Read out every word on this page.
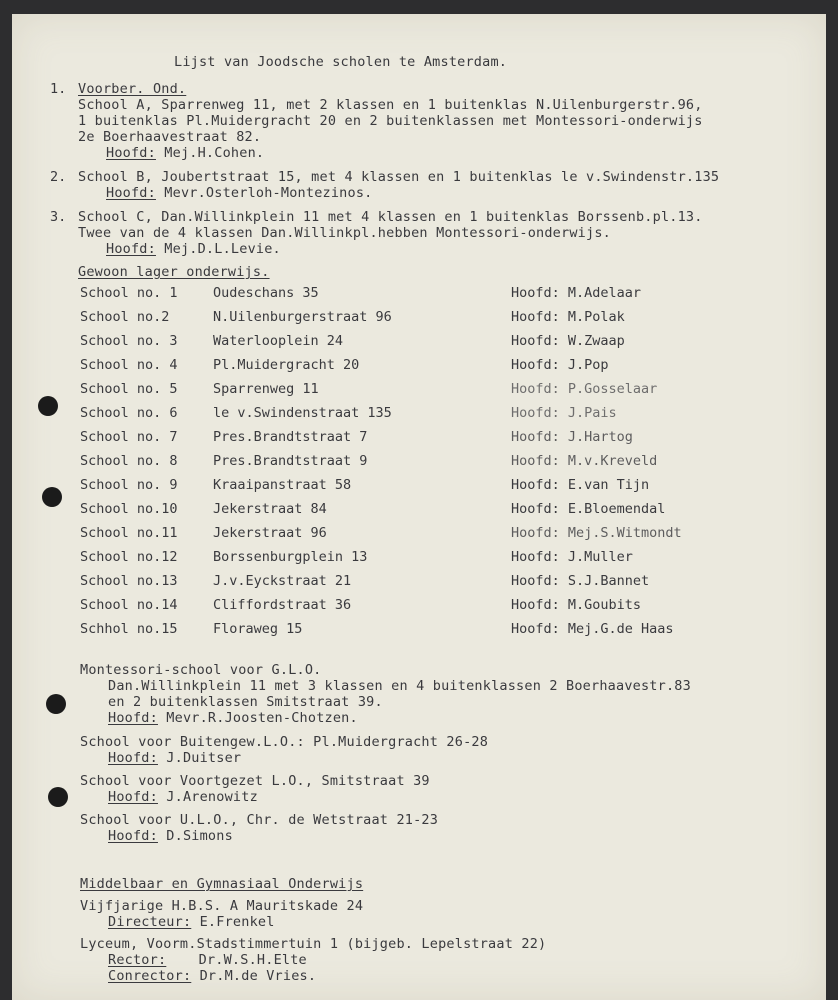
Lijst van Joodsche scholen te Amsterdam.
1. Voorber. Ond.
School A, Sparrenweg 11, met 2 klassen en 1 buitenklas N.Uilenburgerstr.96,
1 buitenklas Pl.Muidergracht 20 en 2 buitenklassen met Montessori-onderwijs
2e Boerhaavestraat 82.
Hoofd: Mej.H.Cohen.
2. School B, Joubertstraat 15, met 4 klassen en 1 buitenklas le v.Swindenstr.135
Hoofd: Mevr.Osterloh-Montezinos.
3. School C, Dan.Willinkplein 11 met 4 klassen en 1 buitenklas Borssenb.pl.13.
Twee van de 4 klassen Dan.Willinkpl.hebben Montessori-onderwijs.
Hoofd: Mej.D.L.Levie.
Gewoon lager onderwijs.
School no. 1	Oudeschans 35	Hoofd: M.Adelaar
School no.2	N.Uilenburgerstraat 96	Hoofd: M.Polak
School no. 3	Waterlooplein 24	Hoofd: W.Zwaap
School no. 4	Pl.Muidergracht 20	Hoofd: J.Pop
School no. 5	Sparrenweg 11	Hoofd: P.Gosselaar
School no. 6	le v.Swindenstraat 135	Hoofd: J.Pais
School no. 7	Pres.Brandtstraat 7	Hoofd: J.Hartog
School no. 8	Pres.Brandtstraat 9	Hoofd: M.v.Kreveld
School no. 9	Kraaipanstraat 58	Hoofd: E.van Tijn
School no.10	Jekerstraat 84	Hoofd: E.Bloemendal
School no.11	Jekerstraat 96	Hoofd: Mej.S.Witmondt
School no.12	Borssenburgplein 13	Hoofd: J.Muller
School no.13	J.v.Eyckstraat 21	Hoofd: S.J.Bannet
School no.14	Cliffordstraat 36	Hoofd: M.Goubits
Schhol no.15	Floraweg 15	Hoofd: Mej.G.de Haas
Montessori-school voor G.L.O.
Dan.Willinkplein 11 met 3 klassen en 4 buitenklassen 2 Boerhaavestr.83
en 2 buitenklassen Smitstraat 39.
Hoofd: Mevr.R.Joosten-Chotzen.
School voor Buitengew.L.O.: Pl.Muidergracht 26-28
Hoofd: J.Duitser
School voor Voortgezet L.O., Smitstraat 39
Hoofd: J.Arenowitz
School voor U.L.O., Chr. de Wetstraat 21-23
Hoofd: D.Simons
Middelbaar en Gymnasiaal Onderwijs
Vijfjarige H.B.S. A Mauritskade 24
Directeur: E.Frenkel
Lyceum, Voorm.Stadstimmertuin 1 (bijgeb. Lepelstraat 22)
Rector: Dr.W.S.H.Elte
Conrector: Dr.M.de Vries.
